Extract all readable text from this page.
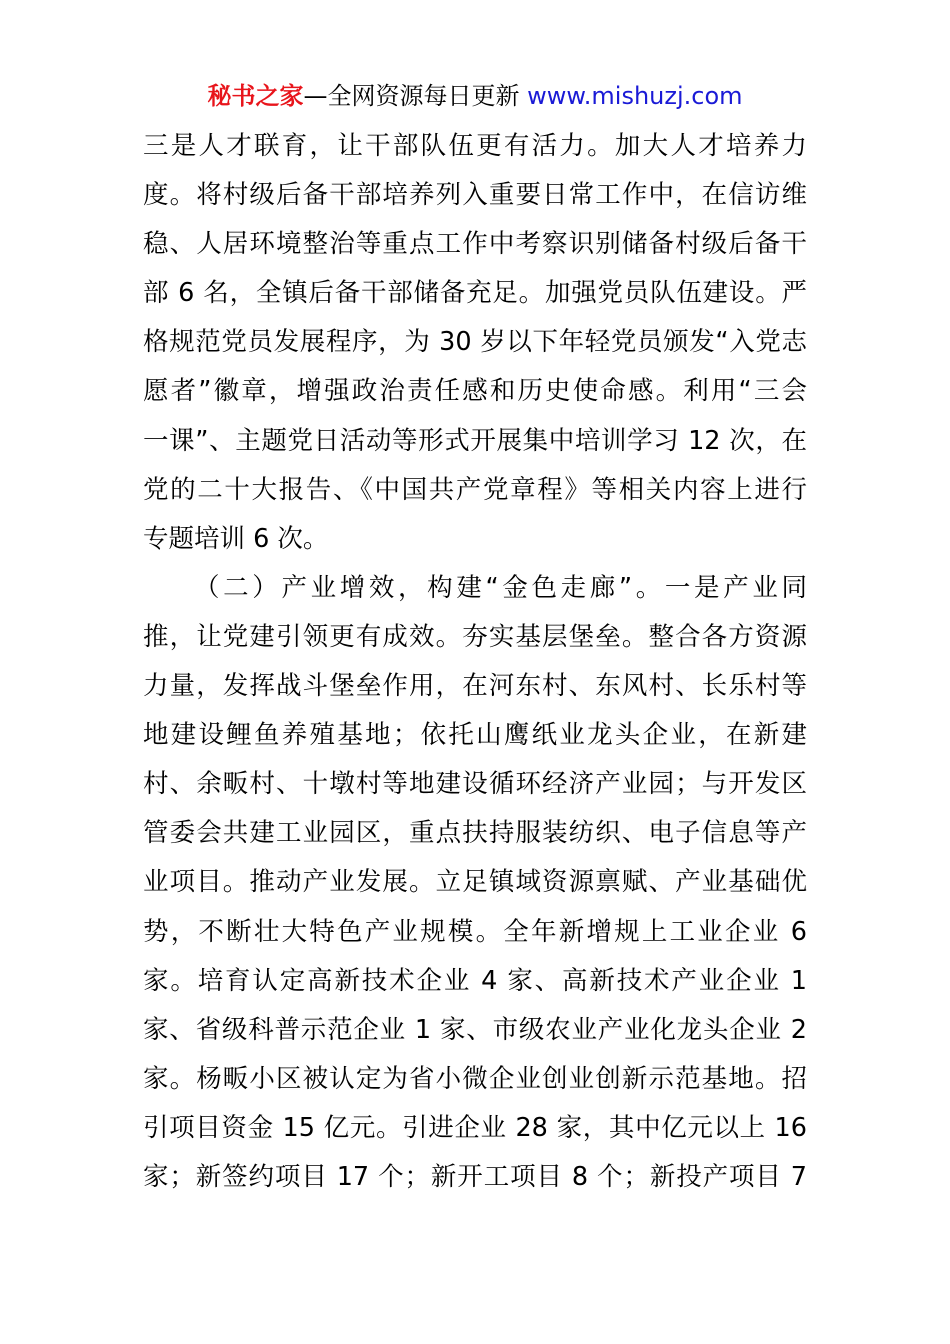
秘书之家—全网资源每日更新 www.mishuzj.com
三是人才联育，让干部队伍更有活力。加大人才培养力
度。将村级后备干部培养列入重要日常工作中，在信访维
稳、人居环境整治等重点工作中考察识别储备村级后备干
部 6 名，全镇后备干部储备充足。加强党员队伍建设。严
格规范党员发展程序，为 30 岁以下年轻党员颁发“入党志
愿者”徽章，增强政治责任感和历史使命感。利用“三会
一课”、主题党日活动等形式开展集中培训学习 12 次，在
党的二十大报告、《中国共产党章程》等相关内容上进行
专题培训 6 次。
（二）产业增效，构建“金色走廊”。一是产业同
推，让党建引领更有成效。夯实基层堡垒。整合各方资源
力量，发挥战斗堡垒作用，在河东村、东风村、长乐村等
地建设鲤鱼养殖基地；依托山鹰纸业龙头企业，在新建
村、余畈村、十墩村等地建设循环经济产业园；与开发区
管委会共建工业园区，重点扶持服装纺织、电子信息等产
业项目。推动产业发展。立足镇域资源禀赋、产业基础优
势，不断壮大特色产业规模。全年新增规上工业企业 6
家。培育认定高新技术企业 4 家、高新技术产业企业 1
家、省级科普示范企业 1 家、市级农业产业化龙头企业 2
家。杨畈小区被认定为省小微企业创业创新示范基地。招
引项目资金 15 亿元。引进企业 28 家，其中亿元以上 16
家；新签约项目 17 个；新开工项目 8 个；新投产项目 7
